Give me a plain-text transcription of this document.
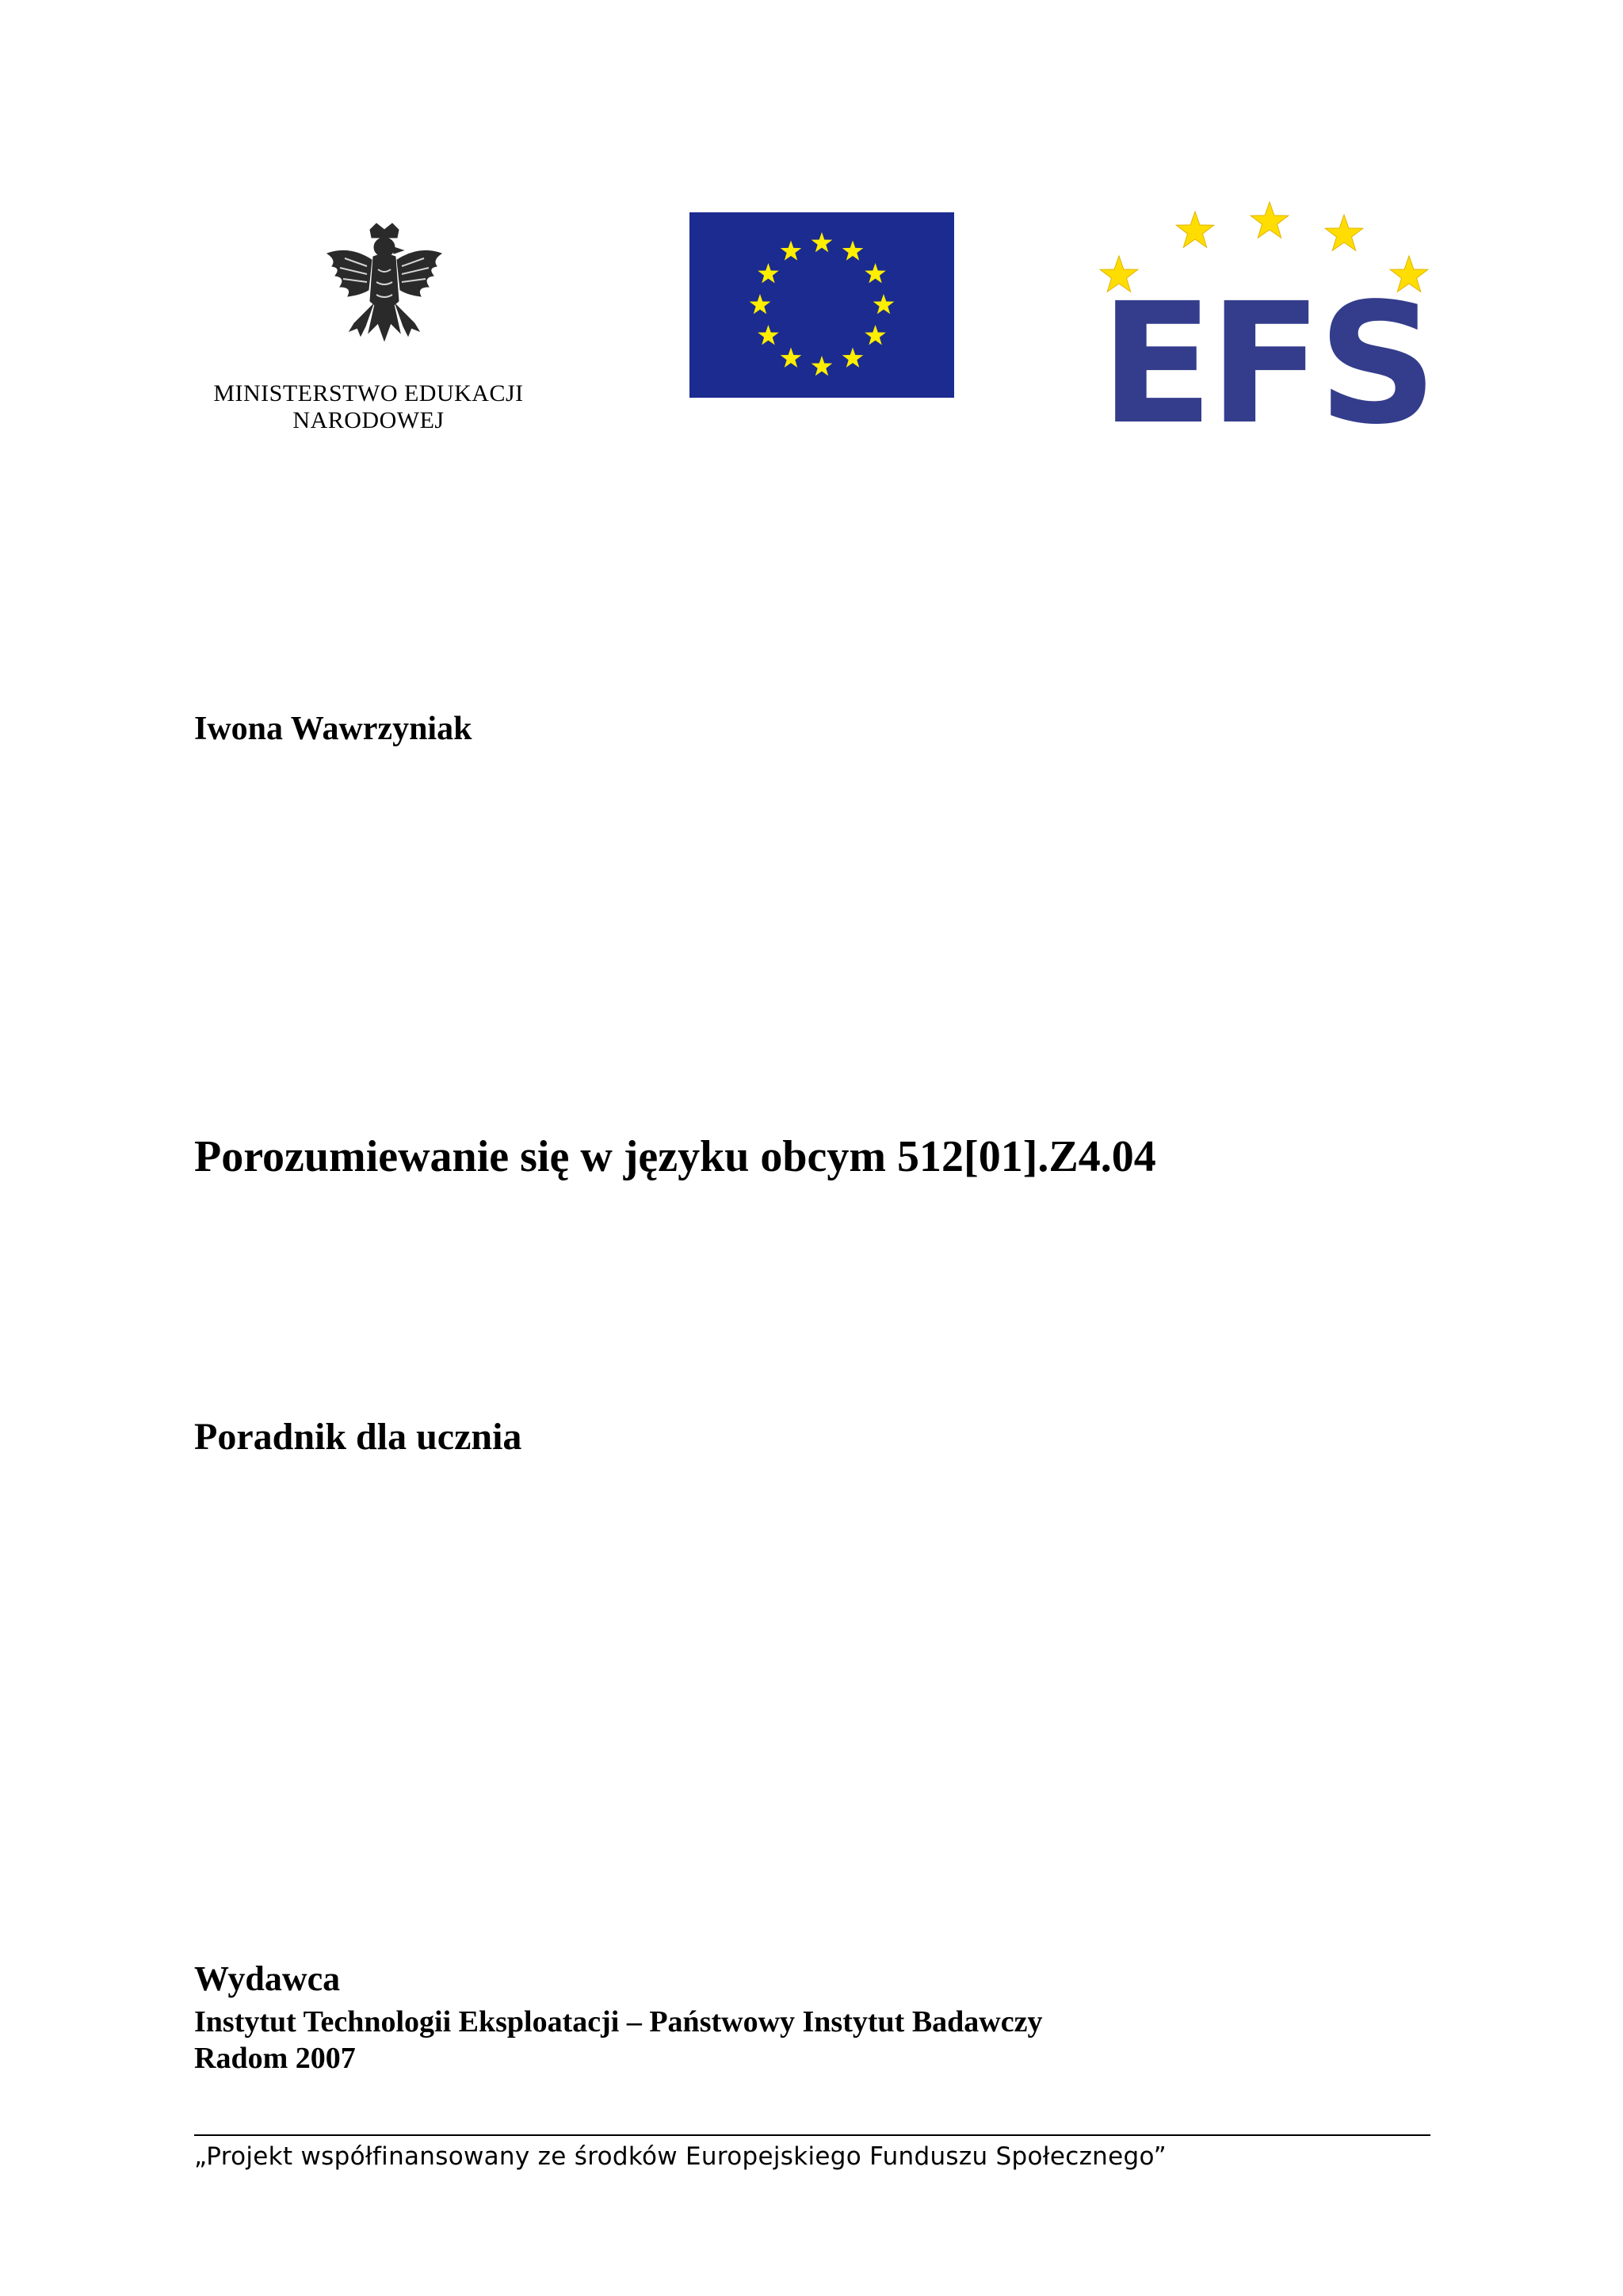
MINISTERSTWO EDUKACJI
NARODOWEJ	EFS
Iwona Wawrzyniak
Porozumiewanie się w języku obcym 512[01].Z4.04
Poradnik dla ucznia
Wydawca
Instytut Technologii Eksploatacji – Państwowy Instytut Badawczy
Radom 2007
„Projekt współfinansowany ze środków Europejskiego Funduszu Społecznego”
